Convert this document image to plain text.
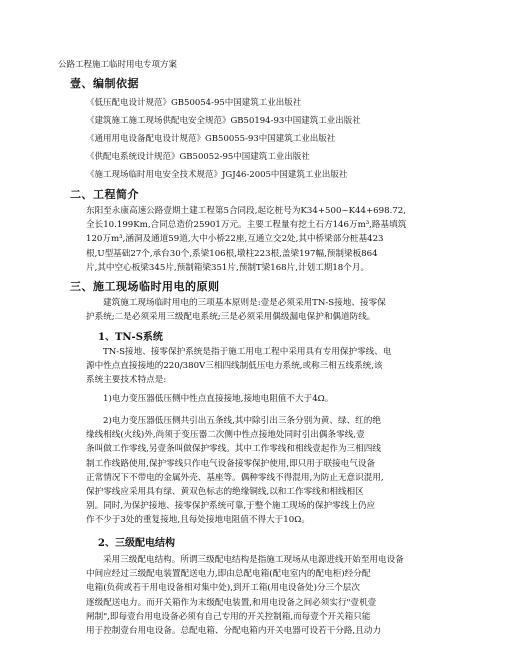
公路工程施工临时用电专项方案
壹、编制依据
《低压配电设计规范》GB50054-95中国建筑工业出版社
《建筑施工施工现场供配电安全规范》GB50194-93中国建筑工业出版社
《通用用电设备配电设计规范》GB50055-93中国建筑工业出版社
《供配电系统设计规范》GB50052-95中国建筑工业出版社
《施工现场临时用电安全技术规范》JGJ46-2005中国建筑工业出版社
二、工程简介
东阳至永康高速公路壹期土建工程第5合同段,起讫桩号为K34+500~K44+698.72,
全长10.199Km,合同总造价25901万元。主要工程量有挖土石方146万m³,路基填筑
120万m³,涵洞及通道59道,大中小桥22座,互通立交2处,其中桥梁部分桩基423
根,U型基础27个,承台30个,系梁106根,墩柱223根,盖梁197幅,预制梁板864
片,其中空心板梁345片,预制箱梁351片,预制T梁168片,计划工期18个月。
三、施工现场临时用电的原则
建筑施工现场临时用电的三项基本原则是:壹是必须采用TN-S接地、接零保
护系统;二是必须采用三级配电系统;三是必须采用偶级漏电保护和偶道防线。
1、TN-S系统
TN-S接地、接零保护系统是指于施工用电工程中采用具有专用保护零线、电
源中性点直接接地的220/380V三相四线制低压电力系统,或称三相五线系统,该
系统主要技术特点是:
1)电力变压器低压侧中性点直接接地,接地电阻值不大于4Ω。
2)电力变压器低压侧共引出五条线,其中除引出三条分别为黄、绿、红的绝
缘线相线(火线)外,尚须于变压器二次侧中性点接地处同时引出偶条零线,壹
条叫做工作零线,另壹条叫做保护零线。其中工作零线和相线壹起作为三相四线
制工作线路使用,保护零线只作电气设备接零保护使用,即只用于联接电气设备
正常情况下不带电的金属外壳、基座等。偶种零线不得混用,为防止无意识混用,
保护零线应采用具有绿、黄双色标志的绝缘铜线,以和工作零线和相线相区
别。同时,为保护接地、接零保护系统可靠,于整个施工现场的保护零线上仍应
作不少于3处的重复接地,且每处接地电阻值不得大于10Ω。
2、三级配电结构
采用三级配电结构。所谓三级配电结构是指施工现场从电源进线开始至用电设备
中间应经过三级配电装置配送电力,即由总配电箱(配电室内的配电柜)经分配
电箱(负荷或若干用电设备相对集中处),到开工箱(用电设备处)分三个层次
逐级配送电力。而开关箱作为末级配电装置,和用电设备之间必须实行"壹机壹
闸制",即每壹台用电设备必须有自己专用的开关控制箱,而每壹个开关箱只能
用于控制壹台用电设备。总配电箱、分配电箱内开关电器可设若干分路,且动力
